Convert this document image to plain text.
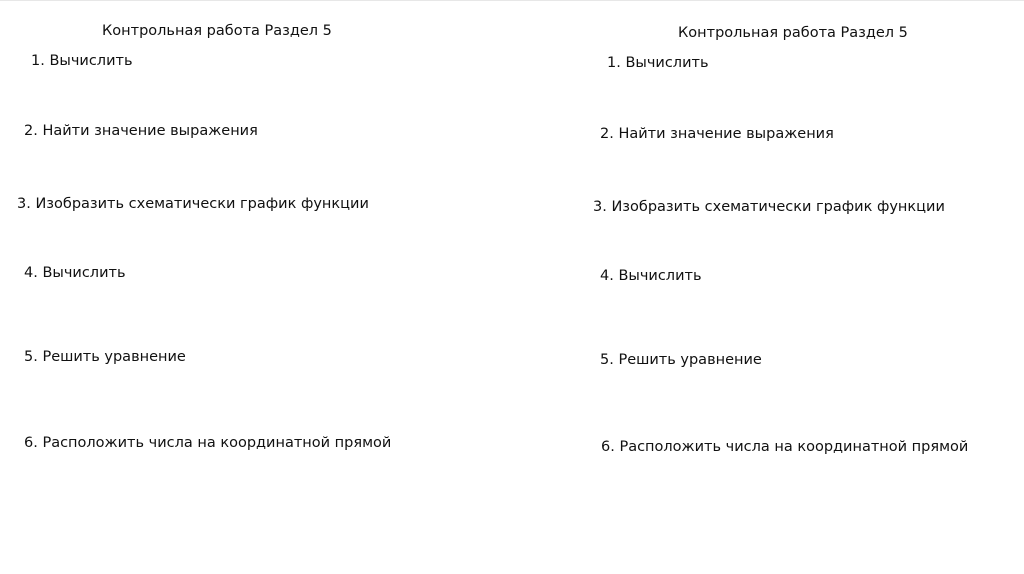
Контрольная работа Раздел 5
1. Вычислить
2. Найти значение выражения
3. Изобразить схематически график функции
4. Вычислить
5. Решить уравнение
6. Расположить числа на координатной прямой
Контрольная работа Раздел 5
1. Вычислить
2. Найти значение выражения
3. Изобразить схематически график функции
4. Вычислить
5. Решить уравнение
6. Расположить числа на координатной прямой
